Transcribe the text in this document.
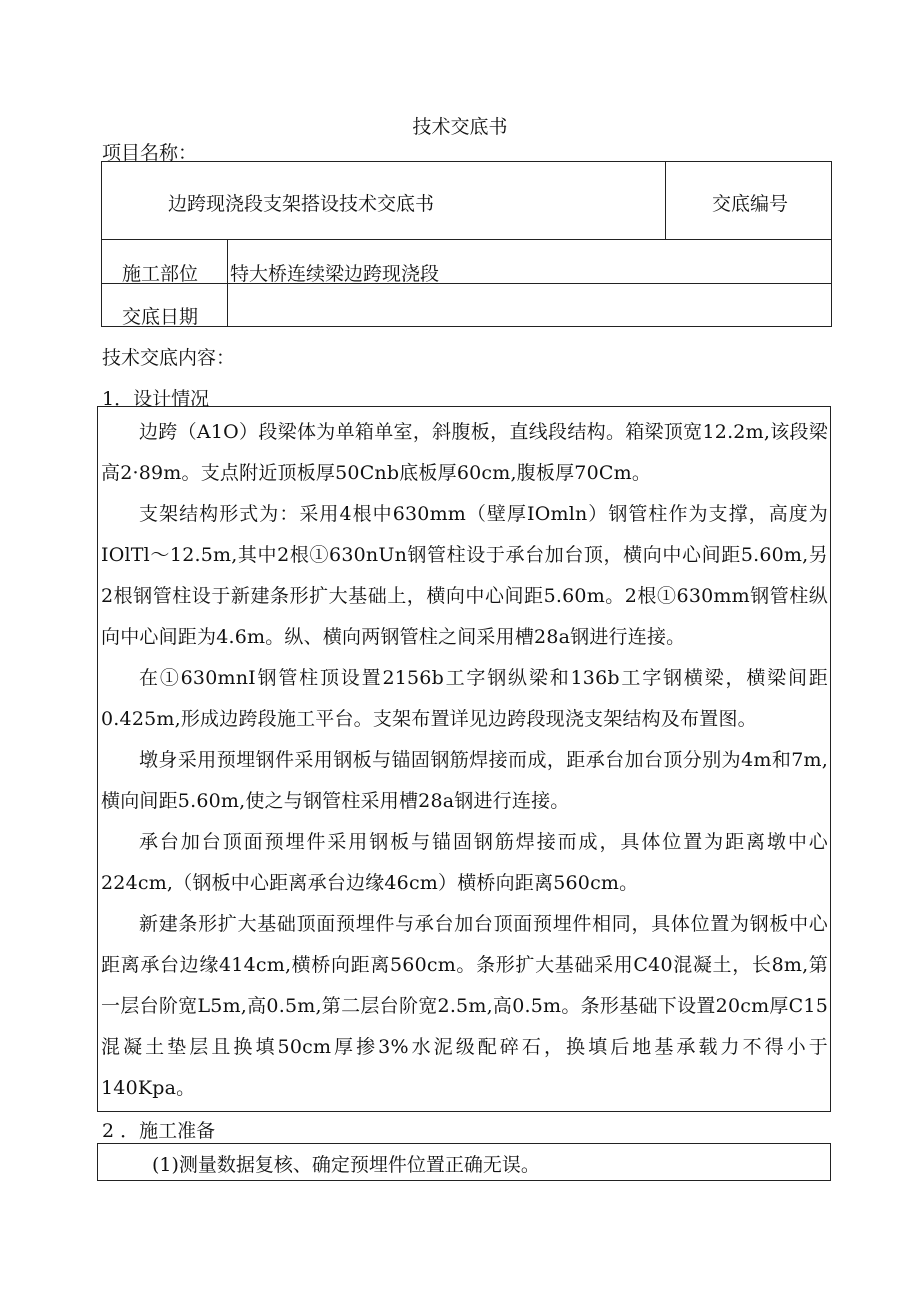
技术交底书
项目名称：
边跨现浇段支架搭设技术交底书	交底编号
施工部位 特大桥连续梁边跨现浇段
交底日期
技术交底内容：
1．设计情况
边跨（A1O）段梁体为单箱单室，斜腹板，直线段结构。箱梁顶宽12.2m,该段梁高2·89m。支点附近顶板厚50Cnb底板厚60cm,腹板厚70Cm。
支架结构形式为：采用4根中630mm（壁厚IOmln）钢管柱作为支撑，高度为IOlTl～12.5m,其中2根①630nUn钢管柱设于承台加台顶，横向中心间距5.60m,另2根钢管柱设于新建条形扩大基础上，横向中心间距5.60m。2根①630mm钢管柱纵向中心间距为4.6m。纵、横向两钢管柱之间采用槽28a钢进行连接。
在①630mnI钢管柱顶设置2156b工字钢纵梁和136b工字钢横梁，横梁间距0.425m,形成边跨段施工平台。支架布置详见边跨段现浇支架结构及布置图。
墩身采用预埋钢件采用钢板与锚固钢筋焊接而成，距承台加台顶分别为4m和7m,横向间距5.60m,使之与钢管柱采用槽28a钢进行连接。
承台加台顶面预埋件采用钢板与锚固钢筋焊接而成，具体位置为距离墩中心224cm,（钢板中心距离承台边缘46cm）横桥向距离560cm。
新建条形扩大基础顶面预埋件与承台加台顶面预埋件相同，具体位置为钢板中心距离承台边缘414cm,横桥向距离560cm。条形扩大基础采用C40混凝土，长8m,第一层台阶宽L5m,高0.5m,第二层台阶宽2.5m,高0.5m。条形基础下设置20cm厚C15混凝土垫层且换填50cm厚掺3%水泥级配碎石，换填后地基承载力不得小于140Kpa。
2 ．施工准备
(1)测量数据复核、确定预埋件位置正确无误。
